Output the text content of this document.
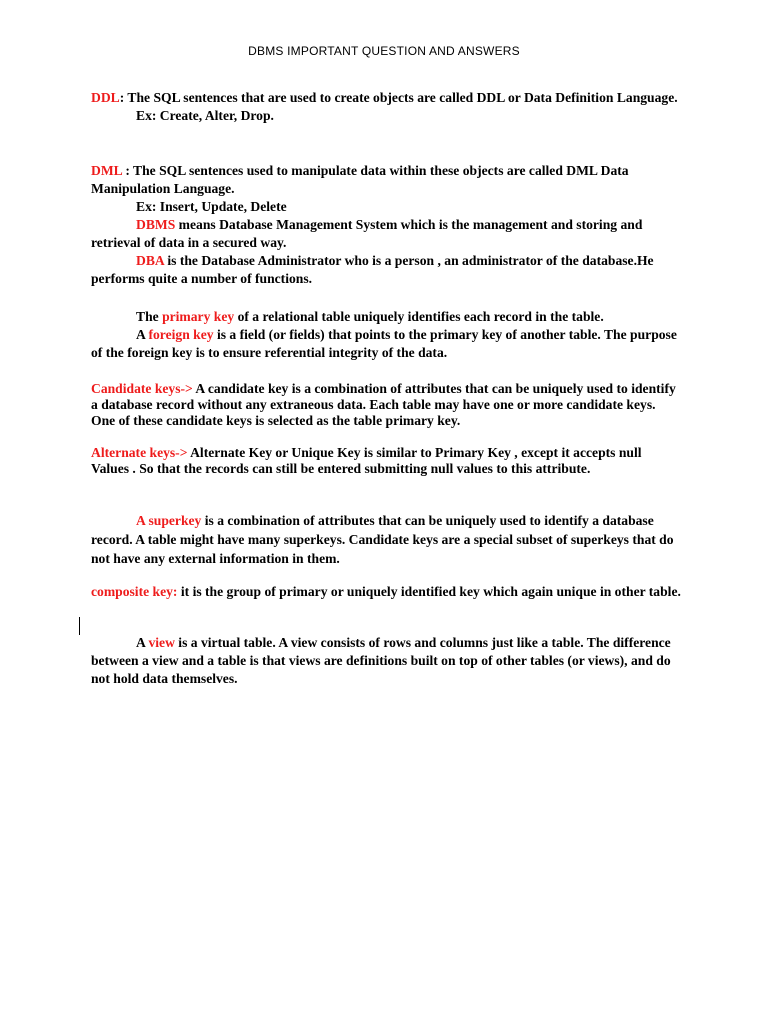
DBMS IMPORTANT QUESTION AND ANSWERS
DDL: The SQL sentences that are used to create objects are called DDL or Data Definition Language.
Ex: Create, Alter, Drop.
DML : The SQL sentences used to manipulate data within these objects are called DML Data Manipulation Language.
Ex: Insert, Update, Delete
DBMS means Database Management System which is the management and storing and retrieval of data in a secured way.
DBA is the Database Administrator who is a person , an administrator of the database.He performs quite a number of functions.
The primary key of a relational table uniquely identifies each record in the table.
A foreign key is a field (or fields) that points to the primary key of another table. The purpose of the foreign key is to ensure referential integrity of the data.
Candidate keys-> A candidate key is a combination of attributes that can be uniquely used to identify a database record without any extraneous data. Each table may have one or more candidate keys. One of these candidate keys is selected as the table primary key.
Alternate keys-> Alternate Key or Unique Key is similar to Primary Key , except it accepts null Values . So that the records can still be entered submitting null values to this attribute.
A superkey is a combination of attributes that can be uniquely used to identify a database record. A table might have many superkeys. Candidate keys are a special subset of superkeys that do not have any external information in them.
composite key: it is the group of primary or uniquely identified key which again unique in other table.
A view is a virtual table. A view consists of rows and columns just like a table. The difference between a view and a table is that views are definitions built on top of other tables (or views), and do not hold data themselves.
